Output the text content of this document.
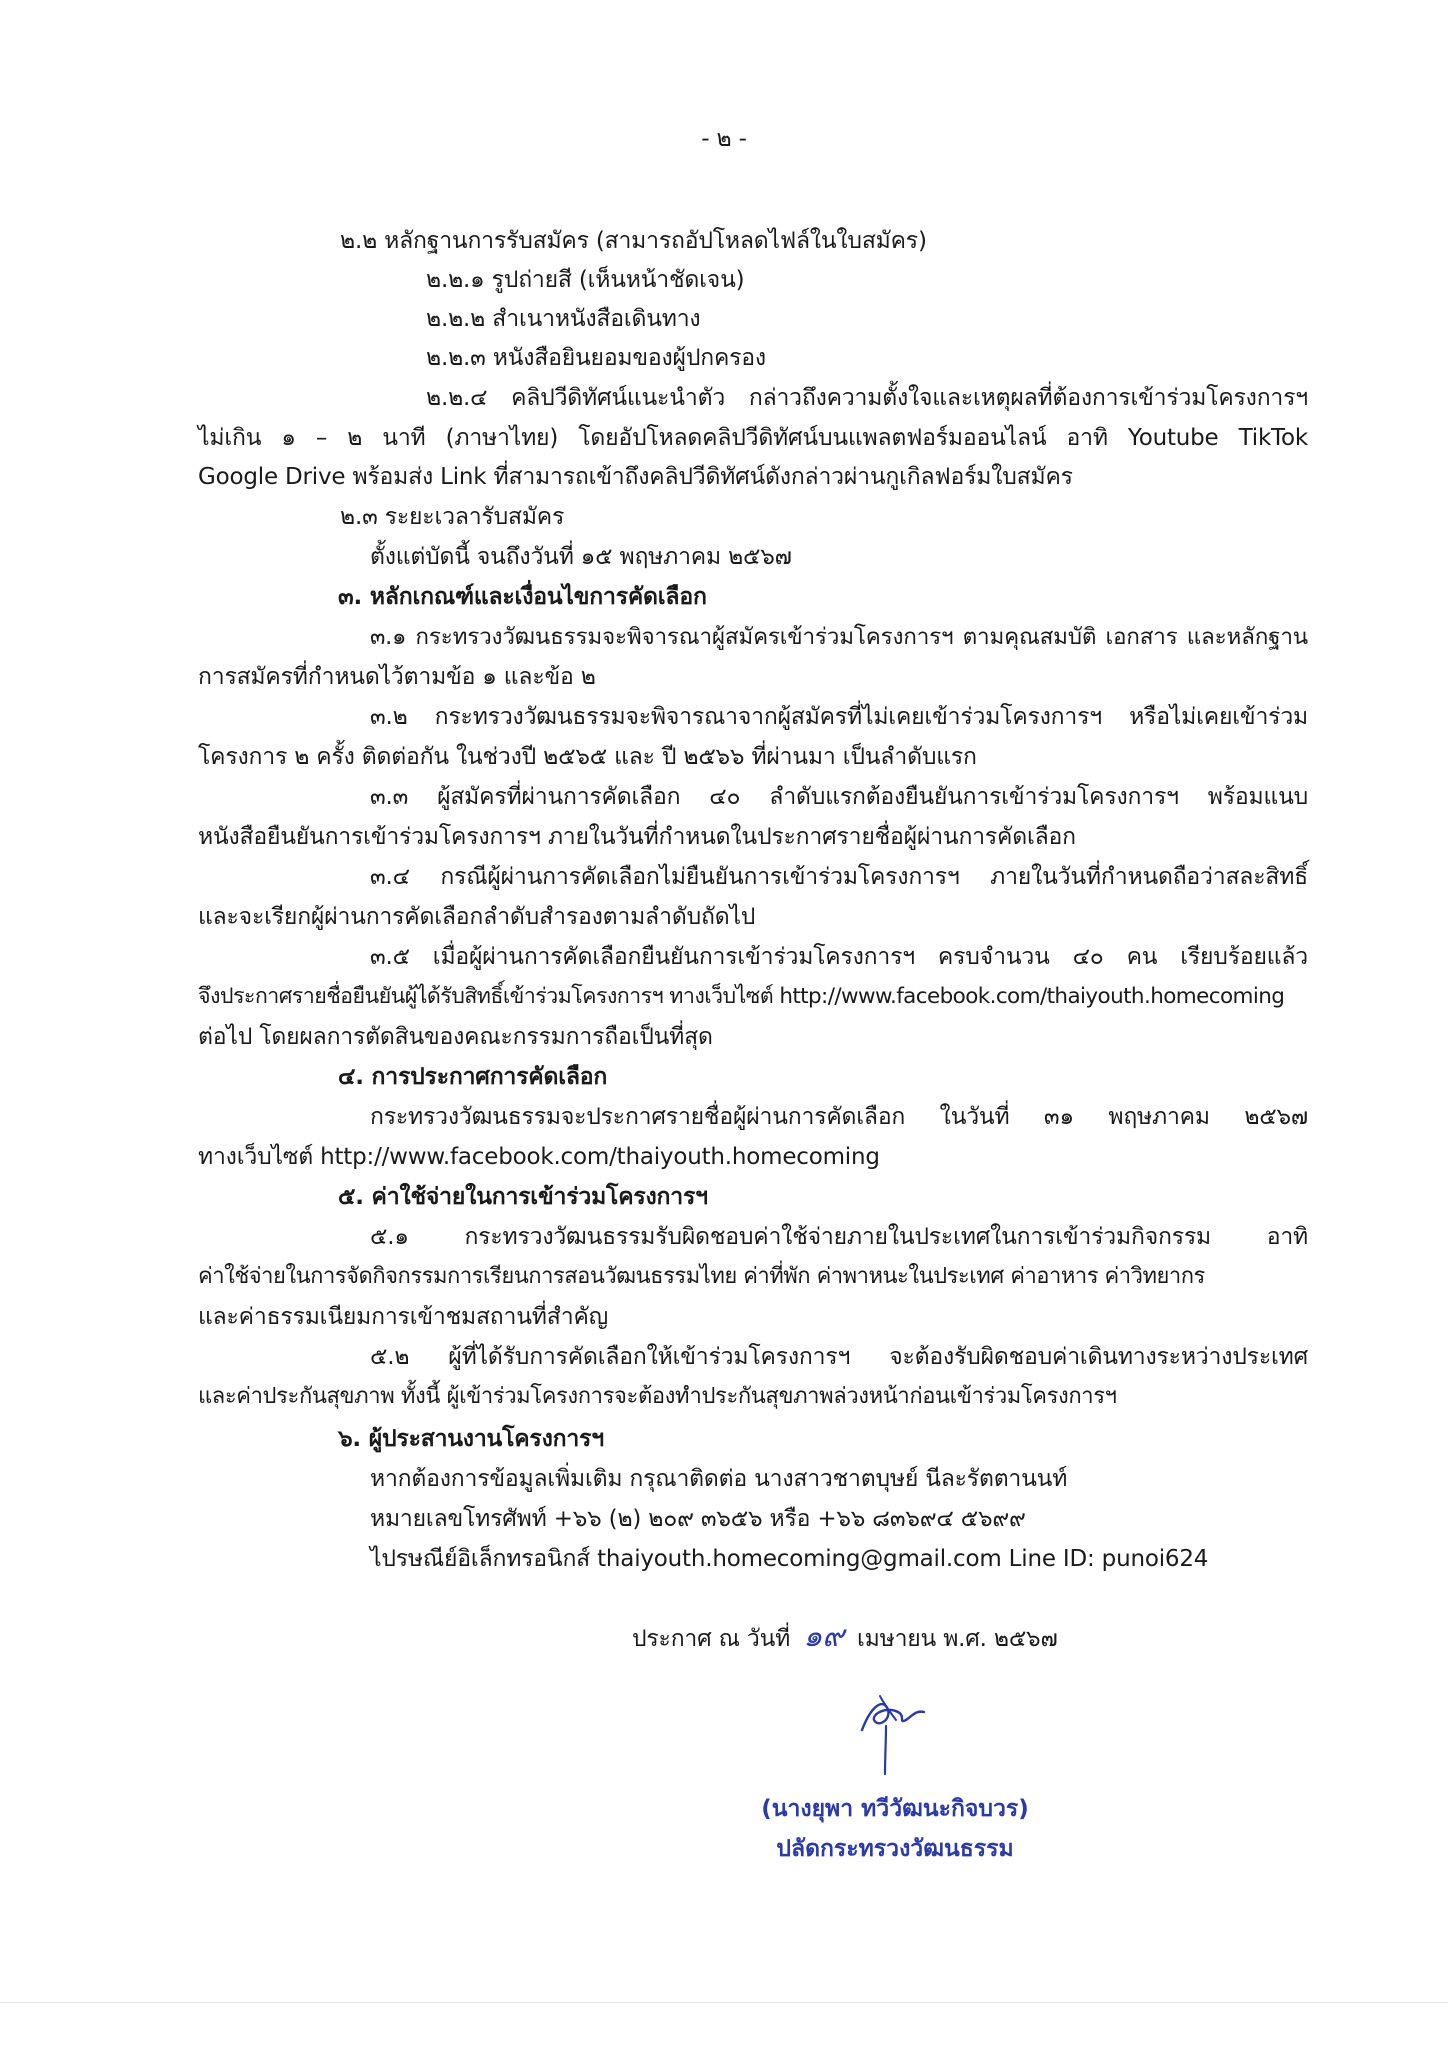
- ๒ -
๒.๒ หลักฐานการรับสมัคร (สามารถอัปโหลดไฟล์ในใบสมัคร)
๒.๒.๑ รูปถ่ายสี (เห็นหน้าชัดเจน)
๒.๒.๒ สำเนาหนังสือเดินทาง
๒.๒.๓ หนังสือยินยอมของผู้ปกครอง
๒.๒.๔ คลิปวีดิทัศน์แนะนำตัว กล่าวถึงความตั้งใจและเหตุผลที่ต้องการเข้าร่วมโครงการฯ
ไม่เกิน ๑ – ๒ นาที (ภาษาไทย) โดยอัปโหลดคลิปวีดิทัศน์บนแพลตฟอร์มออนไลน์ อาทิ Youtube TikTok
Google Drive พร้อมส่ง Link ที่สามารถเข้าถึงคลิปวีดิทัศน์ดังกล่าวผ่านกูเกิลฟอร์มใบสมัคร
๒.๓ ระยะเวลารับสมัคร
ตั้งแต่บัดนี้ จนถึงวันที่ ๑๕ พฤษภาคม ๒๕๖๗
๓. หลักเกณฑ์และเงื่อนไขการคัดเลือก
๓.๑ กระทรวงวัฒนธรรมจะพิจารณาผู้สมัครเข้าร่วมโครงการฯ ตามคุณสมบัติ เอกสาร และหลักฐาน
การสมัครที่กำหนดไว้ตามข้อ ๑ และข้อ ๒
๓.๒ กระทรวงวัฒนธรรมจะพิจารณาจากผู้สมัครที่ไม่เคยเข้าร่วมโครงการฯ หรือไม่เคยเข้าร่วม
โครงการ ๒ ครั้ง ติดต่อกัน ในช่วงปี ๒๕๖๕ และ ปี ๒๕๖๖ ที่ผ่านมา เป็นลำดับแรก
๓.๓ ผู้สมัครที่ผ่านการคัดเลือก ๔๐ ลำดับแรกต้องยืนยันการเข้าร่วมโครงการฯ พร้อมแนบ
หนังสือยืนยันการเข้าร่วมโครงการฯ ภายในวันที่กำหนดในประกาศรายชื่อผู้ผ่านการคัดเลือก
๓.๔ กรณีผู้ผ่านการคัดเลือกไม่ยืนยันการเข้าร่วมโครงการฯ ภายในวันที่กำหนดถือว่าสละสิทธิ์
และจะเรียกผู้ผ่านการคัดเลือกลำดับสำรองตามลำดับถัดไป
๓.๕ เมื่อผู้ผ่านการคัดเลือกยืนยันการเข้าร่วมโครงการฯ ครบจำนวน ๔๐ คน เรียบร้อยแล้ว
จึงประกาศรายชื่อยืนยันผู้ได้รับสิทธิ์เข้าร่วมโครงการฯ ทางเว็บไซต์ http://www.facebook.com/thaiyouth.homecoming
ต่อไป โดยผลการตัดสินของคณะกรรมการถือเป็นที่สุด
๔. การประกาศการคัดเลือก
กระทรวงวัฒนธรรมจะประกาศรายชื่อผู้ผ่านการคัดเลือก ในวันที่ ๓๑ พฤษภาคม ๒๕๖๗
ทางเว็บไซต์ http://www.facebook.com/thaiyouth.homecoming
๕. ค่าใช้จ่ายในการเข้าร่วมโครงการฯ
๕.๑ กระทรวงวัฒนธรรมรับผิดชอบค่าใช้จ่ายภายในประเทศในการเข้าร่วมกิจกรรม อาทิ
ค่าใช้จ่ายในการจัดกิจกรรมการเรียนการสอนวัฒนธรรมไทย ค่าที่พัก ค่าพาหนะในประเทศ ค่าอาหาร ค่าวิทยากร
และค่าธรรมเนียมการเข้าชมสถานที่สำคัญ
๕.๒ ผู้ที่ได้รับการคัดเลือกให้เข้าร่วมโครงการฯ จะต้องรับผิดชอบค่าเดินทางระหว่างประเทศ
และค่าประกันสุขภาพ ทั้งนี้ ผู้เข้าร่วมโครงการจะต้องทำประกันสุขภาพล่วงหน้าก่อนเข้าร่วมโครงการฯ
๖. ผู้ประสานงานโครงการฯ
หากต้องการข้อมูลเพิ่มเติม กรุณาติดต่อ นางสาวชาตบุษย์ นีละรัตตานนท์
หมายเลขโทรศัพท์ +๖๖ (๒) ๒๐๙ ๓๖๕๖ หรือ +๖๖ ๘๓๖๙๔ ๕๖๙๙
ไปรษณีย์อิเล็กทรอนิกส์ thaiyouth.homecoming@gmail.com Line ID: punoi624
ประกาศ ณ วันที่ ๑๙ เมษายน พ.ศ. ๒๕๖๗
(นางยุพา ทวีวัฒนะกิจบวร)
ปลัดกระทรวงวัฒนธรรม
